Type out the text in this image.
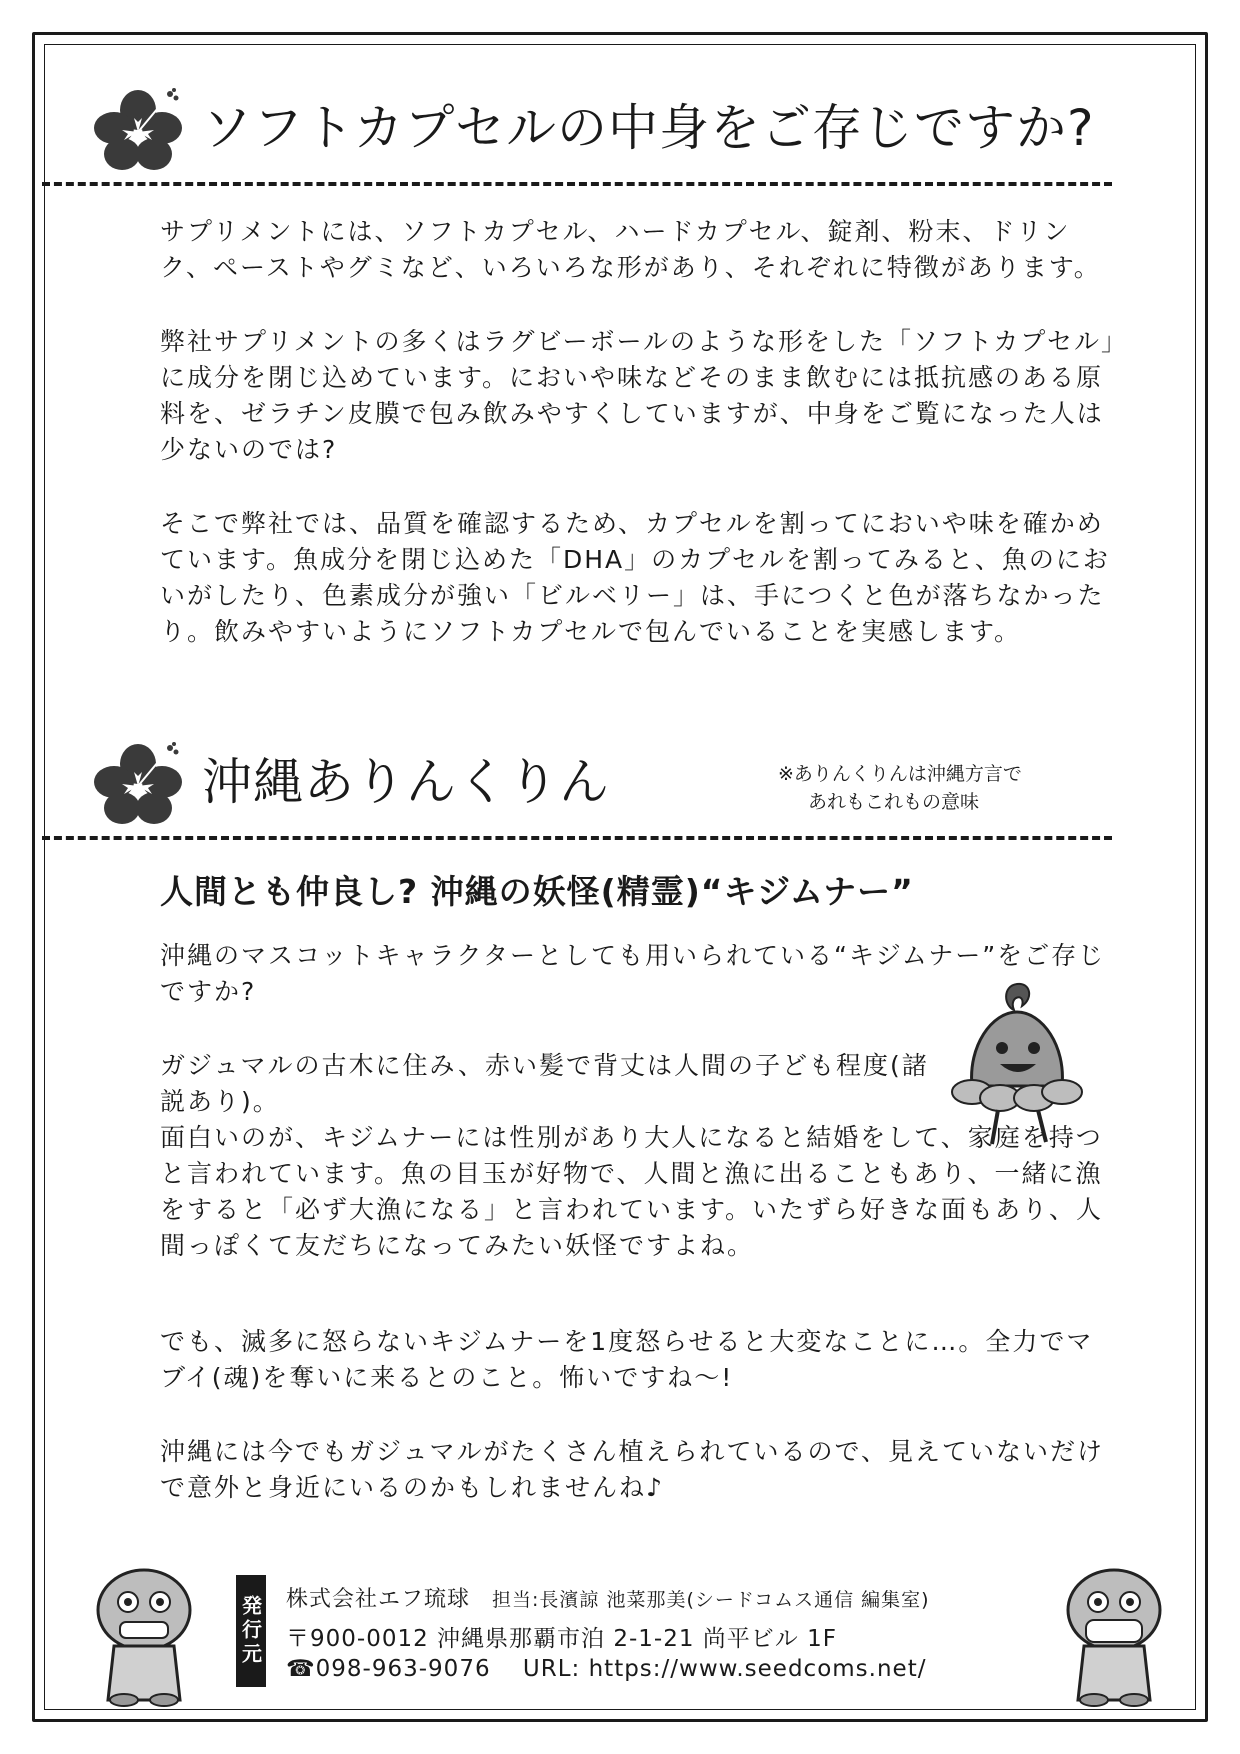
ソフトカプセルの中身をご存じですか?

サプリメントには、ソフトカプセル、ハードカプセル、錠剤、粉末、ドリンク、ペーストやグミなど、いろいろな形があり、それぞれに特徴があります。

弊社サプリメントの多くはラグビーボールのような形をした「ソフトカプセル」に成分を閉じ込めています。においや味などそのまま飲むには抵抗感のある原料を、ゼラチン皮膜で包み飲みやすくしていますが、中身をご覧になった人は少ないのでは?

そこで弊社では、品質を確認するため、カプセルを割ってにおいや味を確かめています。魚成分を閉じ込めた「DHA」のカプセルを割ってみると、魚のにおいがしたり、色素成分が強い「ビルベリー」は、手につくと色が落ちなかったり。飲みやすいようにソフトカプセルで包んでいることを実感します。

沖縄ありんくりん	※ありんくりんは沖縄方言で
あれもこれもの意味
人間とも仲良し? 沖縄の妖怪(精霊)“キジムナー”

沖縄のマスコットキャラクターとしても用いられている“キジムナー”をご存じですか?

ガジュマルの古木に住み、赤い髪で背丈は人間の子ども程度(諸説あり)。

面白いのが、キジムナーには性別があり大人になると結婚をして、家庭を持つと言われています。魚の目玉が好物で、人間と漁に出ることもあり、一緒に漁をすると「必ず大漁になる」と言われています。いたずら好きな面もあり、人間っぽくて友だちになってみたい妖怪ですよね。

でも、滅多に怒らないキジムナーを1度怒らせると大変なことに…。全力でマブイ(魂)を奪いに来るとのこと。怖いですね〜!

沖縄には今でもガジュマルがたくさん植えられているので、見えていないだけで意外と身近にいるのかもしれませんね♪

発行元 株式会社エフ琉球 担当:長濱諒 池菜那美(シードコムス通信 編集室)
〒900-0012 沖縄県那覇市泊 2-1-21 尚平ビル 1F
☎098-963-9076 URL: https://www.seedcoms.net/
